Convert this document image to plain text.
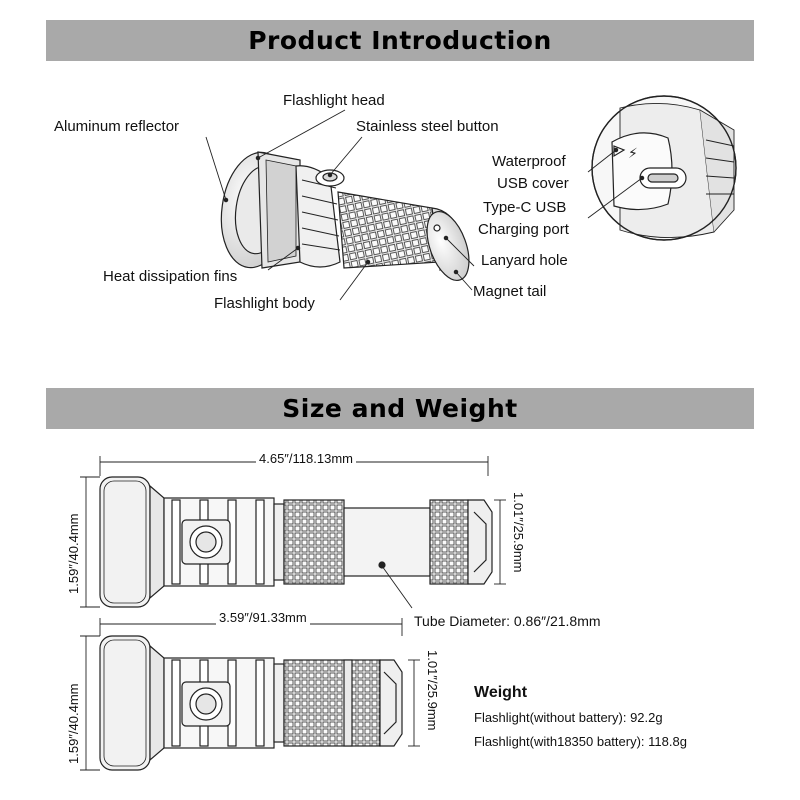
Product Introduction
Size and Weight
⚡
Flashlight head
Aluminum reflector	Stainless steel button
Waterproof
USB cover
Type-C USB
Charging port
Lanyard hole
Magnet tail
Heat dissipation fins
Flashlight body
4.65″/118.13mm
3.59″/91.33mm
1.59″/40.4mm	1.01″/25.9mm
1.59″/40.4mm	1.01″/25.9mm
Tube Diameter: 0.86″/21.8mm
Weight
Flashlight(without battery): 92.2g
Flashlight(with18350 battery): 118.8g
